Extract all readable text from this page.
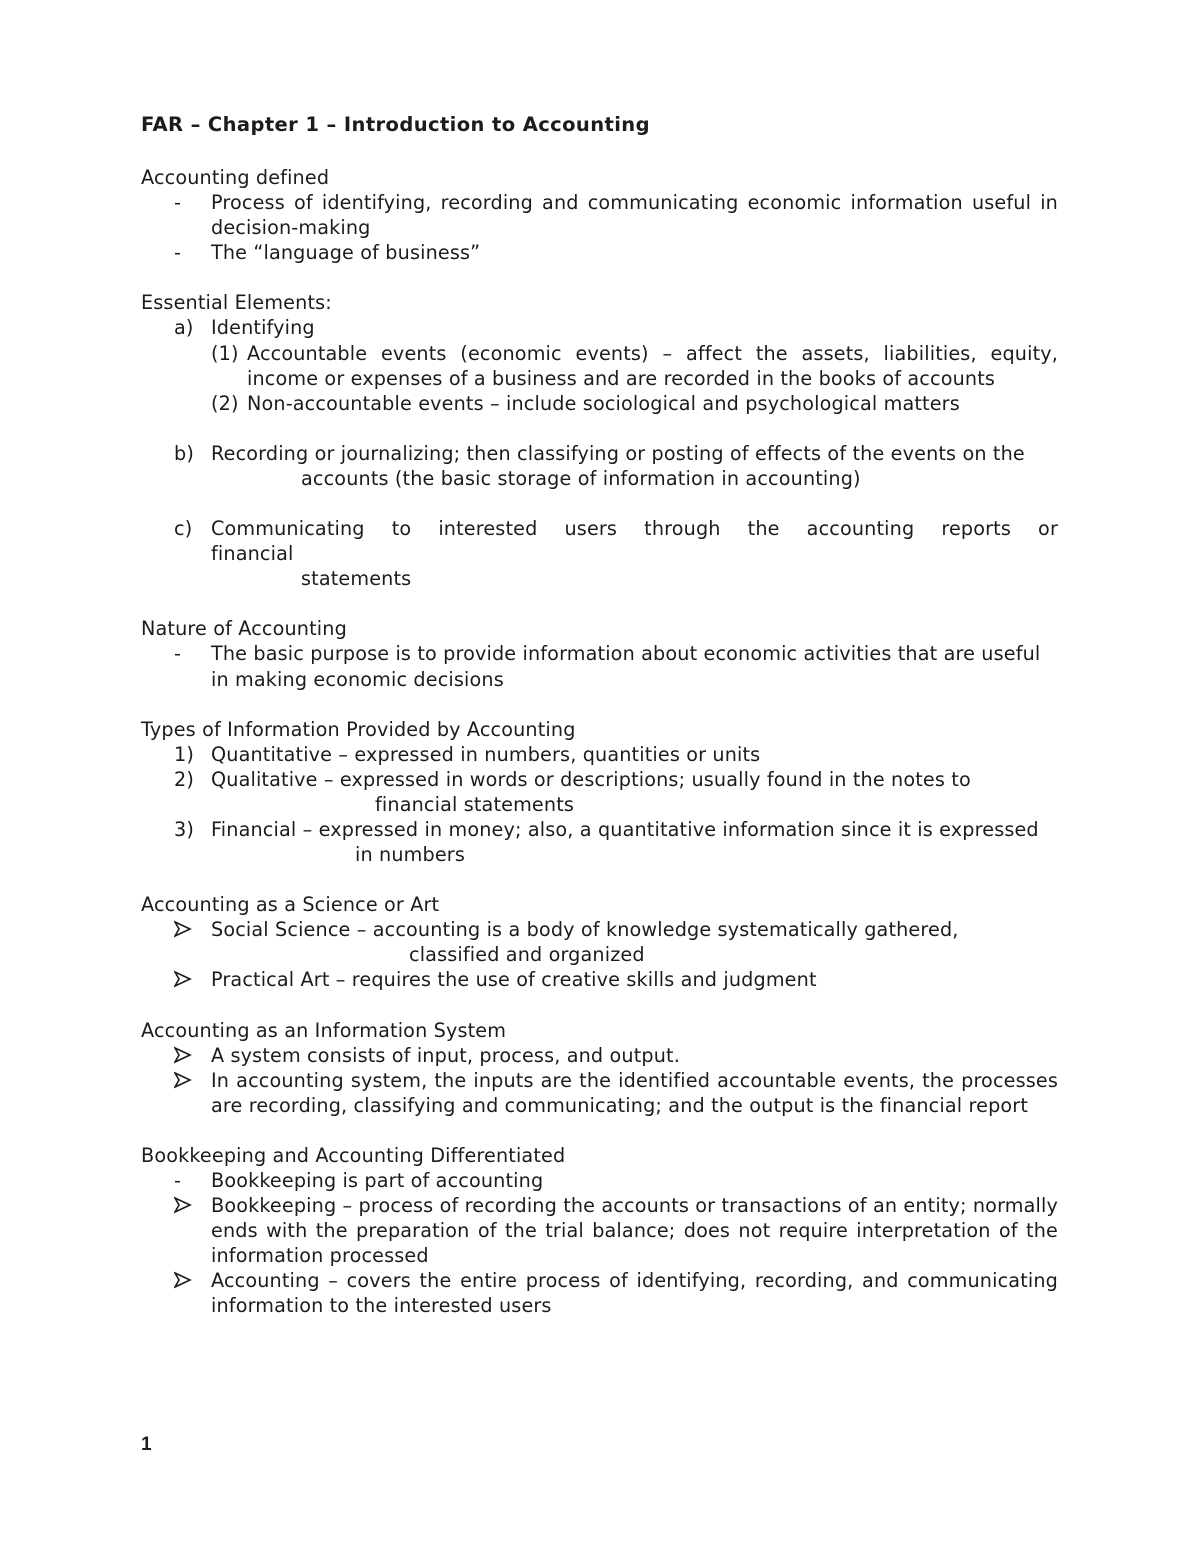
FAR – Chapter 1 – Introduction to Accounting

Accounting defined

- Process of identifying, recording and communicating economic information useful in decision-making
- The “language of business”

Essential Elements:

a) Identifying
(1) Accountable events (economic events) – affect the assets, liabilities, equity, income or expenses of a business and are recorded in the books of accounts
(2) Non-accountable events – include sociological and psychological matters
b) Recording or journalizing; then classifying or posting of effects of the events on the
accounts (the basic storage of information in accounting)
c) Communicating to interested users through the accounting reports or financial
statements

Nature of Accounting

- The basic purpose is to provide information about economic activities that are useful in making economic decisions

Types of Information Provided by Accounting

1) Quantitative – expressed in numbers, quantities or units
2) Qualitative – expressed in words or descriptions; usually found in the notes to
financial statements
3) Financial – expressed in money; also, a quantitative information since it is expressed
in numbers

Accounting as a Science or Art

Social Science – accounting is a body of knowledge systematically gathered,
classified and organized
Practical Art – requires the use of creative skills and judgment

Accounting as an Information System

A system consists of input, process, and output.
In accounting system, the inputs are the identified accountable events, the processes are recording, classifying and communicating; and the output is the financial report

Bookkeeping and Accounting Differentiated

- Bookkeeping is part of accounting
Bookkeeping – process of recording the accounts or transactions of an entity; normally ends with the preparation of the trial balance; does not require interpretation of the information processed
Accounting – covers the entire process of identifying, recording, and communicating information to the interested users
1
